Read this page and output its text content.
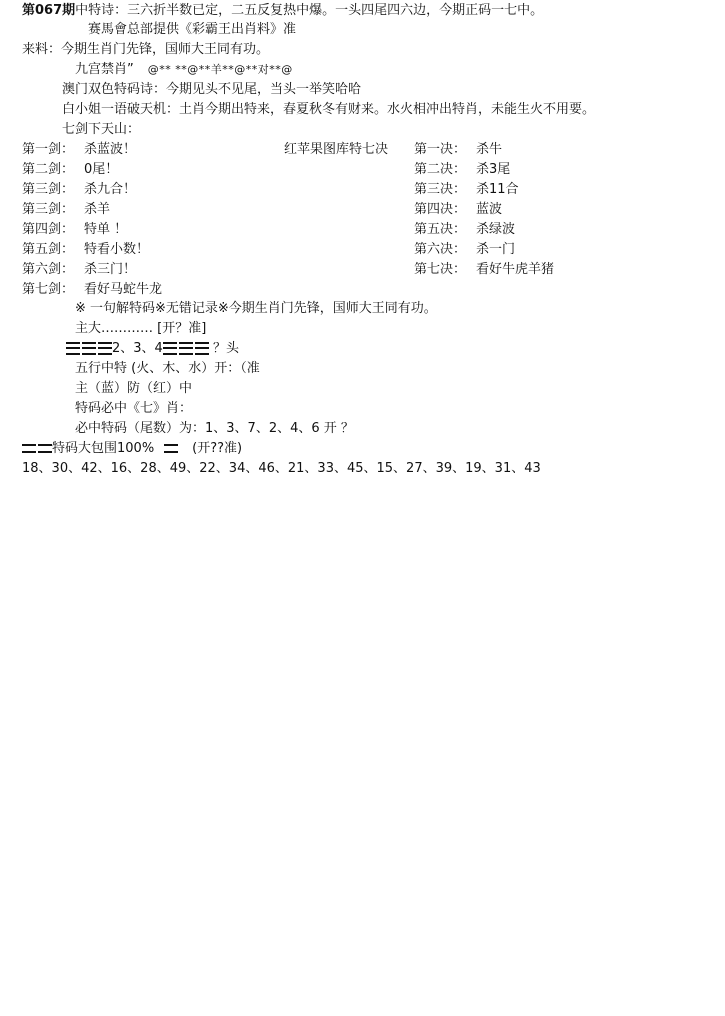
第067期中特诗：三六折半数已定，二五反复热中爆。一头四尾四六边，今期正码一七中。
赛馬會总部提供《彩霸王出肖料》准
来料：今期生肖门先锋，国师大王同有功。
九宫禁肖” @** **@**羊**@**对**@
澳门双色特码诗：今期见头不见尾，当头一举笑哈哈
白小姐一语破天机：土肖今期出特来，春夏秋冬有财来。水火相冲出特肖，未能生火不用要。
七剑下天山：
第一剑： 杀蓝波！
第二剑： 0尾！
第三剑： 杀九合！
第三剑： 杀羊
第四剑： 特单 ！
第五剑： 特看小数！
第六剑： 杀三门！
第七剑： 看好马蛇牛龙
红苹果图库特七决 第一决： 杀牛
第二决： 杀3尾
第三决： 杀11合
第四决： 蓝波
第五决： 杀绿波
第六决： 杀一门
第七决： 看好牛虎羊猪
※ 一句解特码※无错记录※今期生肖门先锋，国师大王同有功。
主大………… [开？准]
2、3、4	？头
五行中特 (火、木、水）开：（准
主（蓝）防（红）中
特码必中《七》肖：
必中特码（尾数）为：1、3、7、2、4、6 开 ？
特码大包围100%	(开??准)
18、30、42、16、28、49、22、34、46、21、33、45、15、27、39、19、31、43
